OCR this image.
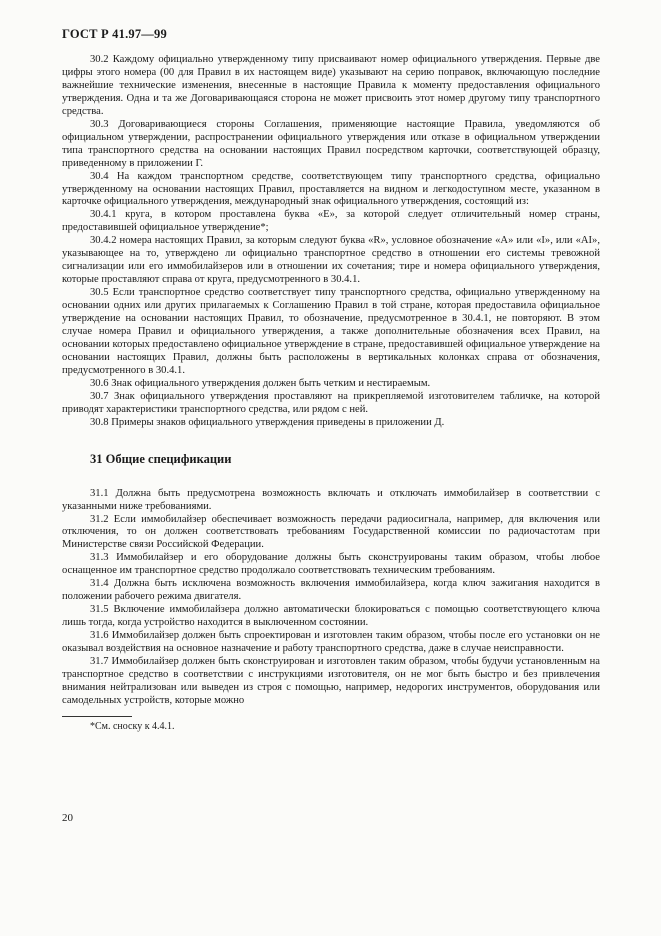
ГОСТ Р 41.97—99

30.2 Каждому официально утвержденному типу присваивают номер официального утверждения. Первые две цифры этого номера (00 для Правил в их настоящем виде) указывают на серию поправок, включающую последние важнейшие технические изменения, внесенные в настоящие Правила к моменту предоставления официального утверждения. Одна и та же Договаривающаяся сторона не может присвоить этот номер другому типу транспортного средства.

30.3 Договаривающиеся стороны Соглашения, применяющие настоящие Правила, уведомляются об официальном утверждении, распространении официального утверждения или отказе в официальном утверждении типа транспортного средства на основании настоящих Правил посредством карточки, соответствующей образцу, приведенному в приложении Г.

30.4 На каждом транспортном средстве, соответствующем типу транспортного средства, официально утвержденному на основании настоящих Правил, проставляется на видном и легкодоступном месте, указанном в карточке официального утверждения, международный знак официального утверждения, состоящий из:

30.4.1 круга, в котором проставлена буква «E», за которой следует отличительный номер страны, предоставившей официальное утверждение*;

30.4.2 номера настоящих Правил, за которым следуют буква «R», условное обозначение «A» или «I», или «AI», указывающее на то, утверждено ли официально транспортное средство в отношении его системы тревожной сигнализации или его иммобилайзеров или в отношении их сочетания; тире и номера официального утверждения, которые проставляют справа от круга, предусмотренного в 30.4.1.

30.5 Если транспортное средство соответствует типу транспортного средства, официально утвержденному на основании одних или других прилагаемых к Соглашению Правил в той стране, которая предоставила официальное утверждение на основании настоящих Правил, то обозначение, предусмотренное в 30.4.1, не повторяют. В этом случае номера Правил и официального утверждения, а также дополнительные обозначения всех Правил, на основании которых предоставлено официальное утверждение в стране, предоставившей официальное утверждение на основании настоящих Правил, должны быть расположены в вертикальных колонках справа от обозначения, предусмотренного в 30.4.1.

30.6 Знак официального утверждения должен быть четким и нестираемым.

30.7 Знак официального утверждения проставляют на прикрепляемой изготовителем табличке, на которой приводят характеристики транспортного средства, или рядом с ней.

30.8 Примеры знаков официального утверждения приведены в приложении Д.

31 Общие спецификации

31.1 Должна быть предусмотрена возможность включать и отключать иммобилайзер в соответствии с указанными ниже требованиями.

31.2 Если иммобилайзер обеспечивает возможность передачи радиосигнала, например, для включения или отключения, то он должен соответствовать требованиям Государственной комиссии по радиочастотам при Министерстве связи Российской Федерации.

31.3 Иммобилайзер и его оборудование должны быть сконструированы таким образом, чтобы любое оснащенное им транспортное средство продолжало соответствовать техническим требованиям.

31.4 Должна быть исключена возможность включения иммобилайзера, когда ключ зажигания находится в положении рабочего режима двигателя.

31.5 Включение иммобилайзера должно автоматически блокироваться с помощью соответствующего ключа лишь тогда, когда устройство находится в выключенном состоянии.

31.6 Иммобилайзер должен быть спроектирован и изготовлен таким образом, чтобы после его установки он не оказывал воздействия на основное назначение и работу транспортного средства, даже в случае неисправности.

31.7 Иммобилайзер должен быть сконструирован и изготовлен таким образом, чтобы будучи установленным на транспортное средство в соответствии с инструкциями изготовителя, он не мог быть быстро и без привлечения внимания нейтрализован или выведен из строя с помощью, например, недорогих инструментов, оборудования или самодельных устройств, которые можно

*См. сноску к 4.4.1.

20
